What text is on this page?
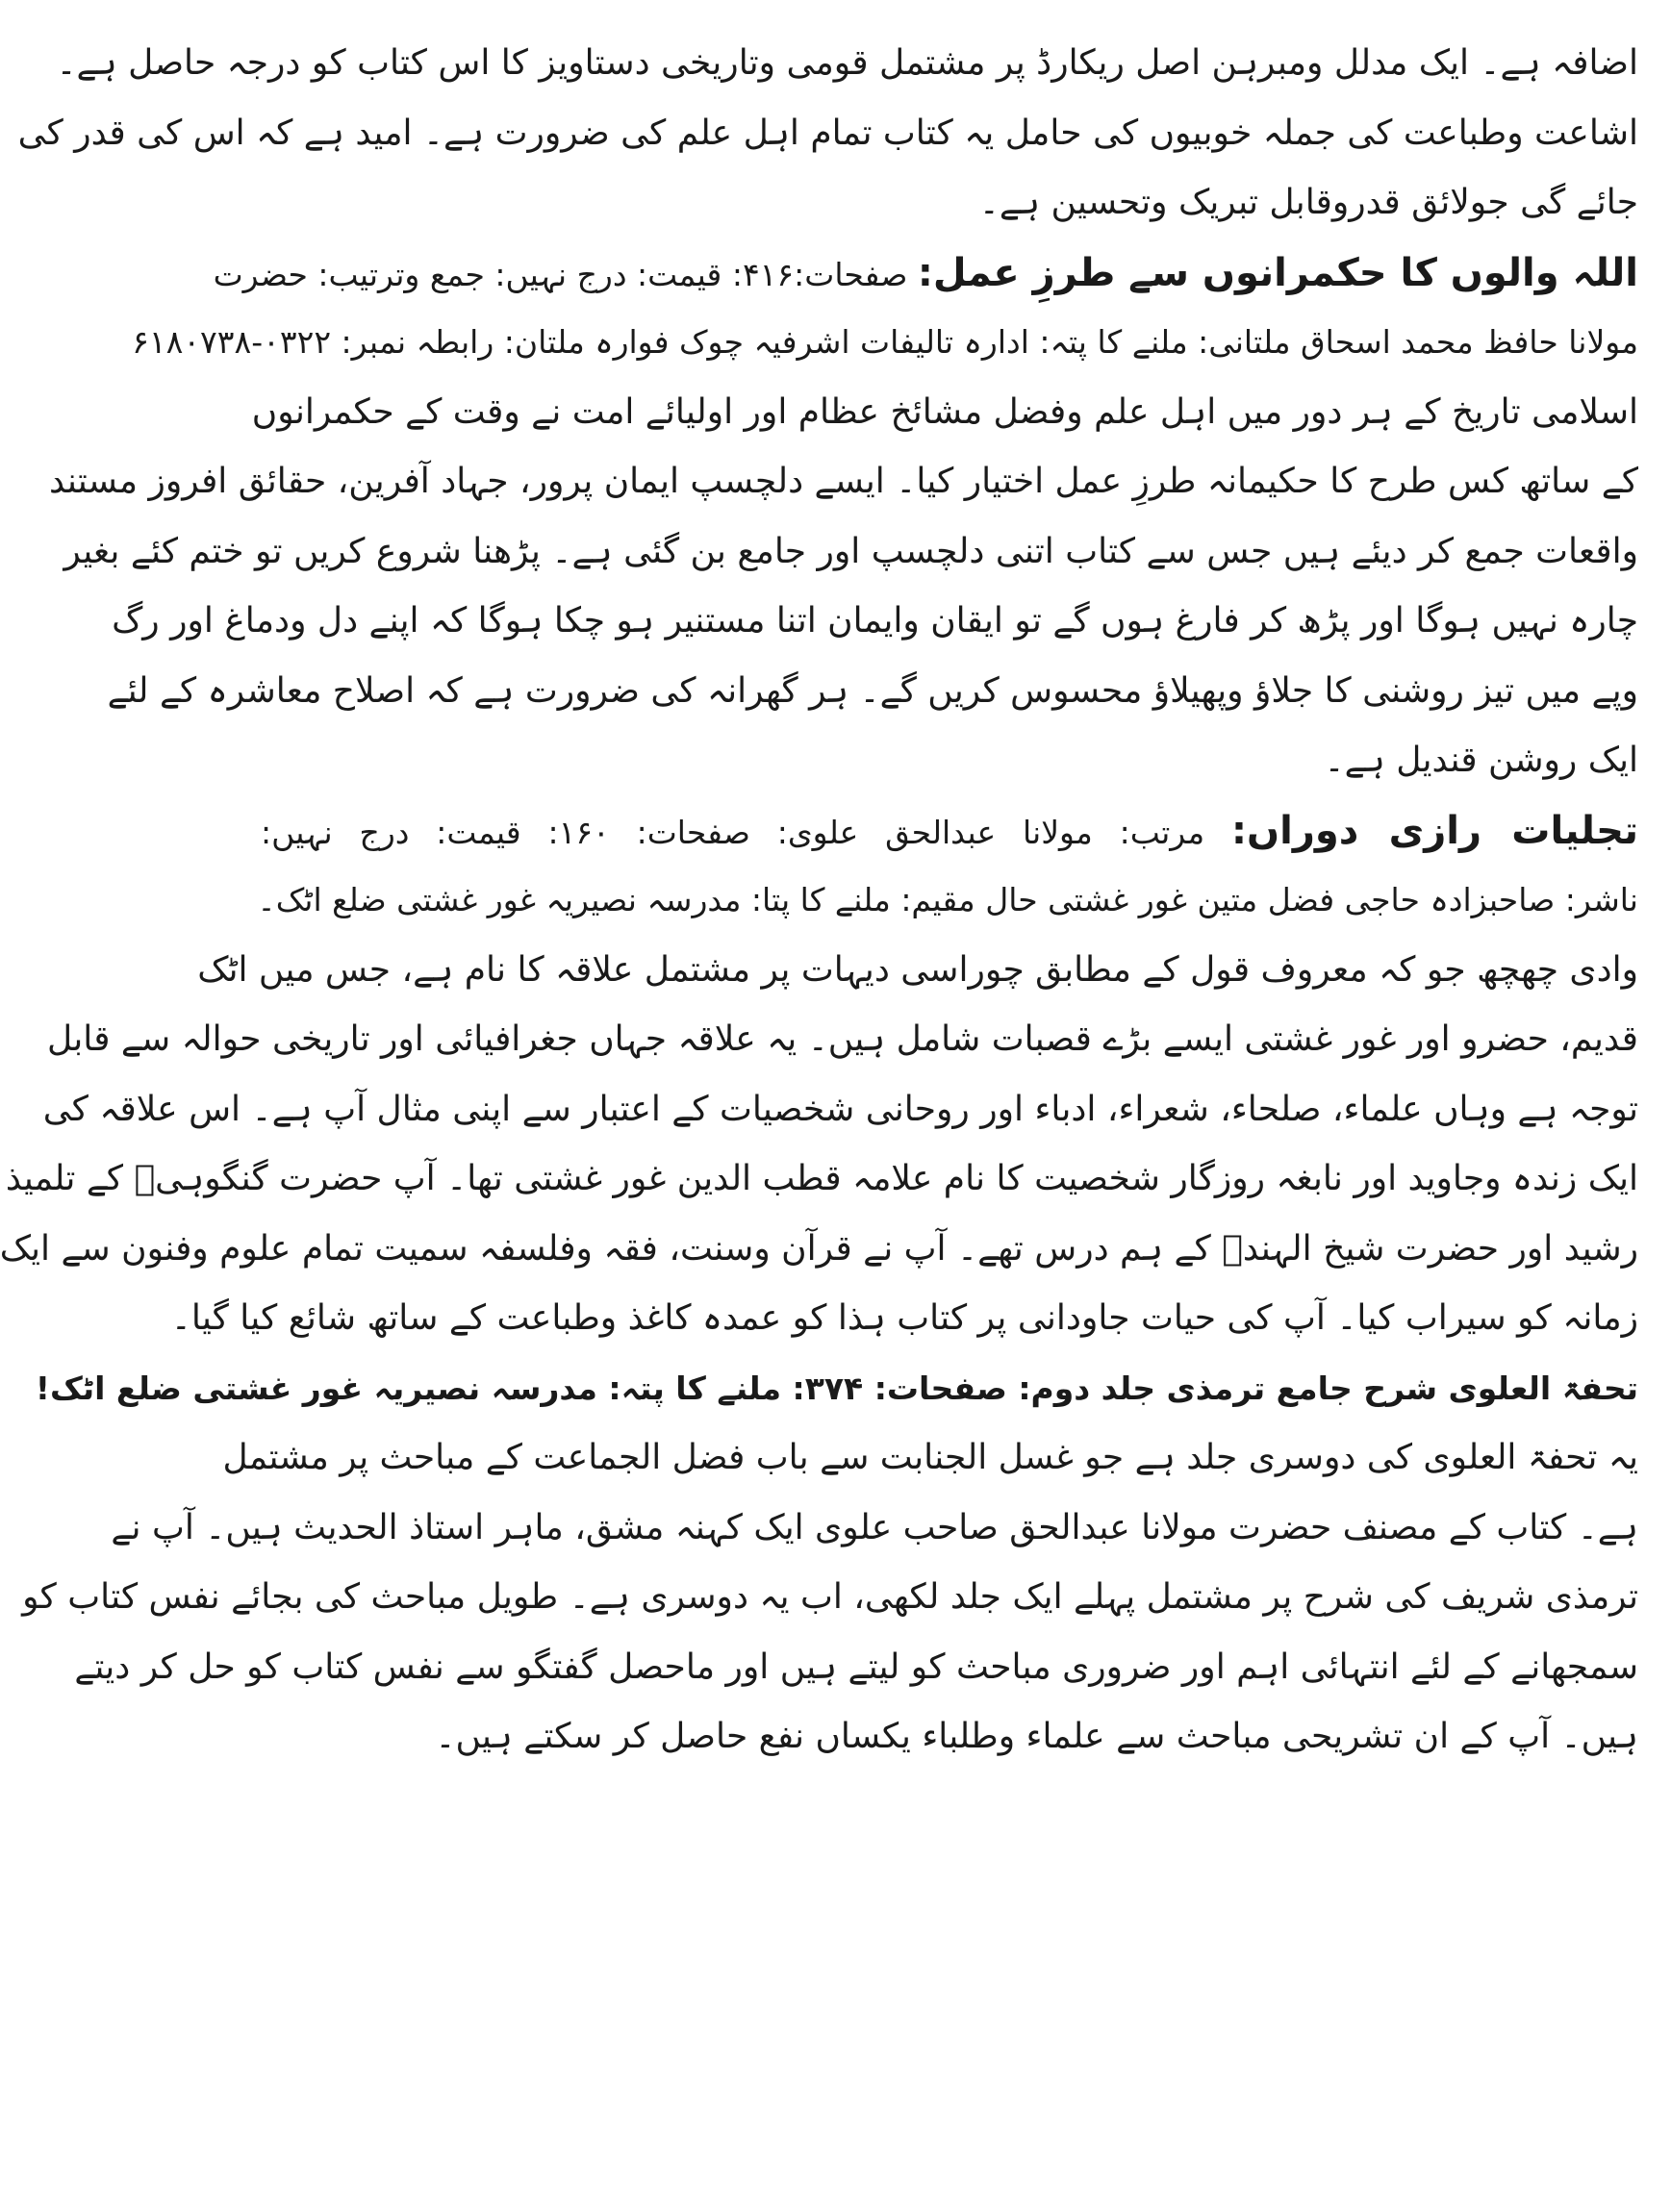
اضافہ ہے۔ ایک مدلل ومبرہن اصل ریکارڈ پر مشتمل قومی وتاریخی دستاویز کا اس کتاب کو درجہ حاصل ہے۔
اشاعت وطباعت کی جملہ خوبیوں کی حامل یہ کتاب تمام اہل علم کی ضرورت ہے۔ امید ہے کہ اس کی قدر کی
جائے گی جولائق قدروقابل تبریک وتحسین ہے۔
اللہ والوں کا حکمرانوں سے طرزِ عمل: صفحات:۴۱۶: قیمت: درج نہیں: جمع وترتیب: حضرت
مولانا حافظ محمد اسحاق ملتانی: ملنے کا پتہ: ادارہ تالیفات اشرفیہ چوک فوارہ ملتان: رابطہ نمبر: ۰۳۲۲-۶۱۸۰۷۳۸
اسلامی تاریخ کے ہر دور میں اہل علم وفضل مشائخ عظام اور اولیائے امت نے وقت کے حکمرانوں
کے ساتھ کس طرح کا حکیمانہ طرزِ عمل اختیار کیا۔ ایسے دلچسپ ایمان پرور، جہاد آفرین، حقائق افروز مستند
واقعات جمع کر دیئے ہیں جس سے کتاب اتنی دلچسپ اور جامع بن گئی ہے۔ پڑھنا شروع کریں تو ختم کئے بغیر
چارہ نہیں ہوگا اور پڑھ کر فارغ ہوں گے تو ایقان وایمان اتنا مستنیر ہو چکا ہوگا کہ اپنے دل ودماغ اور رگ
وپے میں تیز روشنی کا جلاؤ وپھیلاؤ محسوس کریں گے۔ ہر گھرانہ کی ضرورت ہے کہ اصلاح معاشرہ کے لئے
ایک روشن قندیل ہے۔
تجلیات رازی دوراں: مرتب: مولانا عبدالحق علوی: صفحات: ۱۶۰: قیمت: درج نہیں:
ناشر: صاحبزادہ حاجی فضل متین غور غشتی حال مقیم: ملنے کا پتا: مدرسہ نصیریہ غور غشتی ضلع اٹک۔
وادی چھچھ جو کہ معروف قول کے مطابق چوراسی دیہات پر مشتمل علاقہ کا نام ہے، جس میں اٹک
قدیم، حضرو اور غور غشتی ایسے بڑے قصبات شامل ہیں۔ یہ علاقہ جہاں جغرافیائی اور تاریخی حوالہ سے قابل
توجہ ہے وہاں علماء، صلحاء، شعراء، ادباء اور روحانی شخصیات کے اعتبار سے اپنی مثال آپ ہے۔ اس علاقہ کی
ایک زندہ وجاوید اور نابغہ روزگار شخصیت کا نام علامہ قطب الدین غور غشتی تھا۔ آپ حضرت گنگوہیؒ کے تلمیذ
رشید اور حضرت شیخ الہندؒ کے ہم درس تھے۔ آپ نے قرآن وسنت، فقہ وفلسفہ سمیت تمام علوم وفنون سے ایک
زمانہ کو سیراب کیا۔ آپ کی حیات جاودانی پر کتاب ہذا کو عمدہ کاغذ وطباعت کے ساتھ شائع کیا گیا۔
تحفۃ العلوی شرح جامع ترمذی جلد دوم: صفحات: ۳۷۴: ملنے کا پتہ: مدرسہ نصیریہ غور غشتی ضلع اٹک!
یہ تحفۃ العلوی کی دوسری جلد ہے جو غسل الجنابت سے باب فضل الجماعت کے مباحث پر مشتمل
ہے۔ کتاب کے مصنف حضرت مولانا عبدالحق صاحب علوی ایک کہنہ مشق، ماہر استاذ الحدیث ہیں۔ آپ نے
ترمذی شریف کی شرح پر مشتمل پہلے ایک جلد لکھی، اب یہ دوسری ہے۔ طویل مباحث کی بجائے نفس کتاب کو
سمجھانے کے لئے انتہائی اہم اور ضروری مباحث کو لیتے ہیں اور ماحصل گفتگو سے نفس کتاب کو حل کر دیتے
ہیں۔ آپ کے ان تشریحی مباحث سے علماء وطلباء یکساں نفع حاصل کر سکتے ہیں۔
